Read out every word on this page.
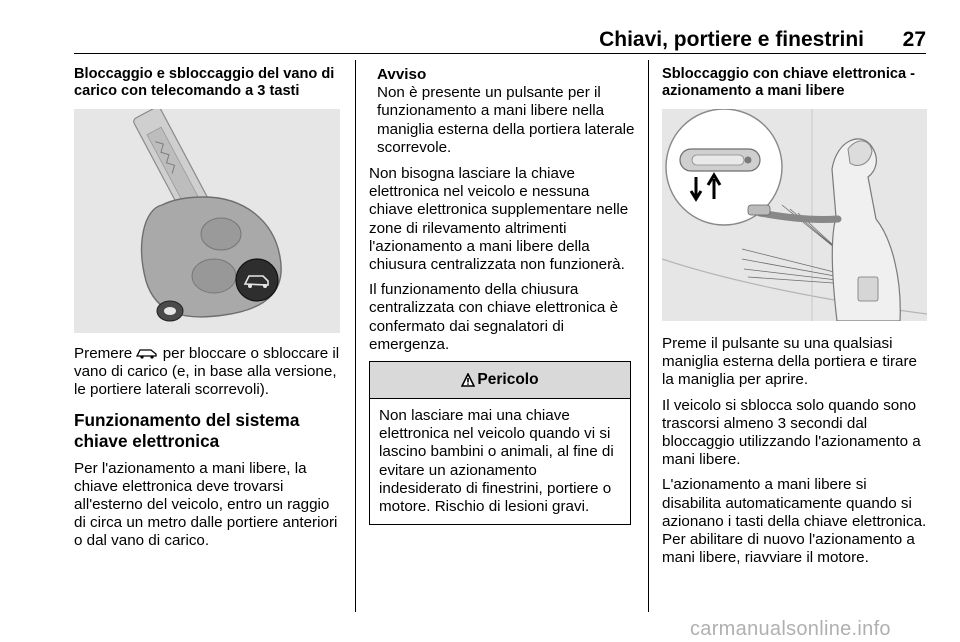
Chiavi, portiere e finestrini 27
Bloccaggio e sbloccaggio del vano di carico con telecomando a 3 tasti
Premere per bloccare o sbloccare il vano di carico (e, in base alla versione, le portiere laterali scorrevoli).
Funzionamento del sistema chiave elettronica
Per l'azionamento a mani libere, la chiave elettronica deve trovarsi all'esterno del veicolo, entro un raggio di circa un metro dalle portiere anteriori o dal vano di carico.
Avviso
Non è presente un pulsante per il funzionamento a mani libere nella maniglia esterna della portiera laterale scorrevole.
Non bisogna lasciare la chiave elettronica nel veicolo e nessuna chiave elettronica supplementare nelle zone di rilevamento altrimenti l'azionamento a mani libere della chiusura centralizzata non funzionerà.
Il funzionamento della chiusura centralizzata con chiave elettronica è confermato dai segnalatori di emergenza.
Pericolo
Non lasciare mai una chiave elettronica nel veicolo quando vi si lascino bambini o animali, al fine di evitare un azionamento indesiderato di finestrini, portiere o motore. Rischio di lesioni gravi.
Sbloccaggio con chiave elettronica - azionamento a mani libere
Preme il pulsante su una qualsiasi maniglia esterna della portiera e tirare la maniglia per aprire.
Il veicolo si sblocca solo quando sono trascorsi almeno 3 secondi dal bloccaggio utilizzando l'azionamento a mani libere.
L'azionamento a mani libere si disabilita automaticamente quando si azionano i tasti della chiave elettronica. Per abilitare di nuovo l'azionamento a mani libere, riavviare il motore.
carmanualsonline.info
